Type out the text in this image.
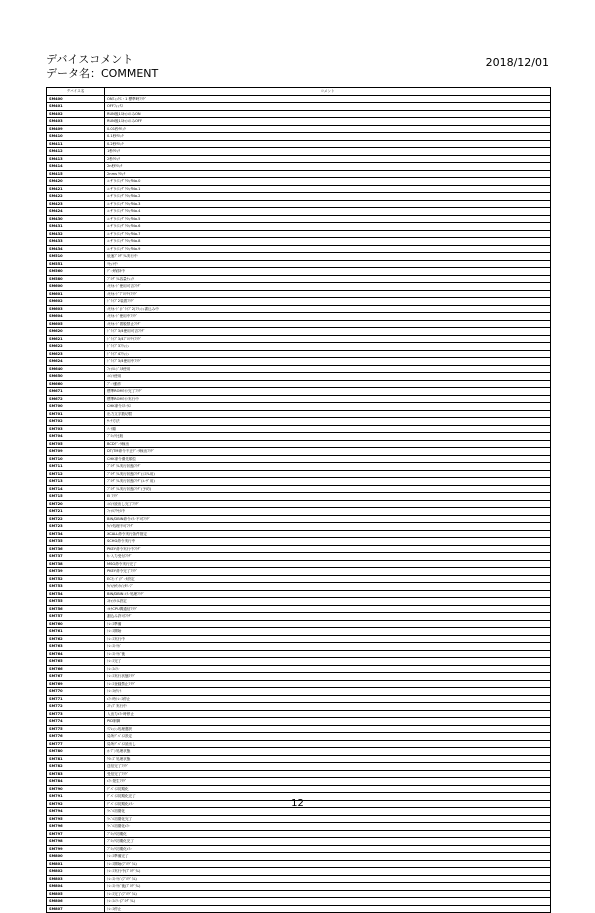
デバイスコメント
データ名：COMMENT
2018/12/01
デバイス名	コメント
SM400	ONﾌｨｯｸｽ・1 標準時ﾌﾗｸﾞ
SM401	OFFﾌｨｯｸｽ
SM402	RUN後1ｽｷｬﾝのみON
SM403	RUN後1ｽｷｬﾝのみOFF
SM409	0.01秒ｸﾛｯｸ
SM410	0.1秒ｸﾛｯｸ
SM411	0.2秒ｸﾛｯｸ
SM412	1秒ｸﾛｯｸ
SM413	2秒ｸﾛｯｸ
SM414	2n秒ｸﾛｯｸ
SM415	2nms ｸﾛｯｸ
SM420	ﾕｰｻﾞﾀｲﾐﾝｸﾞｸﾛｯｸNo.0
SM421	ﾕｰｻﾞﾀｲﾐﾝｸﾞｸﾛｯｸNo.1
SM422	ﾕｰｻﾞﾀｲﾐﾝｸﾞｸﾛｯｸNo.2
SM423	ﾕｰｻﾞﾀｲﾐﾝｸﾞｸﾛｯｸNo.3
SM424	ﾕｰｻﾞﾀｲﾐﾝｸﾞｸﾛｯｸNo.4
SM430	ﾕｰｻﾞﾀｲﾐﾝｸﾞｸﾛｯｸNo.5
SM431	ﾕｰｻﾞﾀｲﾐﾝｸﾞｸﾛｯｸNo.6
SM432	ﾕｰｻﾞﾀｲﾐﾝｸﾞｸﾛｯｸNo.7
SM433	ﾕｰｻﾞﾀｲﾐﾝｸﾞｸﾛｯｸNo.8
SM434	ﾕｰｻﾞﾀｲﾐﾝｸﾞｸﾛｯｸNo.9
SM510	低速ﾌﾟﾛｸﾞﾗﾑ実行中
SM551	ﾘｾｯﾄ中
SM560	ﾃﾞｰﾀ保持中
SM580	ﾌﾟﾛｸﾞﾗﾑ容量ﾁｪｯｸ
SM600	ﾒﾓﾘｶｰﾄﾞ使用可否ﾌﾗｸﾞ
SM601	ﾒﾓﾘｶｰﾄﾞﾌﾟﾛﾃｸﾄﾌﾗｸﾞ
SM602	ﾄﾞﾗｲﾌﾞ2装着ﾌﾗｸﾞ
SM603	ﾒﾓﾘｶｰﾄﾞ(ﾄﾞﾗｲﾌﾞ2)ﾌﾗｯｼｭ書込み中
SM604	ﾒﾓﾘｶｰﾄﾞ使用中ﾌﾗｸﾞ
SM605	ﾒﾓﾘｶｰﾄﾞ着脱禁止ﾌﾗｸﾞ
SM620	ﾄﾞﾗｲﾌﾞ3/4使用可否ﾌﾗｸﾞ
SM621	ﾄﾞﾗｲﾌﾞ3/4ﾌﾟﾛﾃｸﾄﾌﾗｸﾞ
SM622	ﾄﾞﾗｲﾌﾞ3ﾌﾗｯｼｭ
SM623	ﾄﾞﾗｲﾌﾞ4ﾌﾗｯｼｭ
SM624	ﾄﾞﾗｲﾌﾞ3/4使用中ﾌﾗｸﾞ
SM640	ﾌｧｲﾙﾚｼﾞｽﾀ使用
SM650	ｺﾒﾝﾄ使用
SM660	ﾌﾞｰﾄ動作
SM671	標準ROMﾗｲﾄ完了ﾌﾗｸﾞ
SM672	標準ROMﾗｲﾄ実行中
SM700	CHK命令ｽﾃｰﾀｽ
SM701	出力文字数切替
SM702	ｻｰﾁ方法
SM703	ｿｰﾄ順
SM704	ﾌﾞﾛｯｸ比較
SM705	BCDﾃﾞｰﾀ検出
SM709	DT/TM命令不正ﾃﾞｰﾀ検出ﾌﾗｸﾞ
SM710	CHK命令優先順位
SM711	ﾌﾟﾛｸﾞﾗﾑ実行状態ﾌﾗｸﾞ
SM712	ﾌﾟﾛｸﾞﾗﾑ実行状態ﾌﾗｸﾞ(ｼｽﾃﾑ用)
SM713	ﾌﾟﾛｸﾞﾗﾑ実行状態ﾌﾗｸﾞ(ﾕｰｻﾞ用)
SM714	ﾌﾟﾛｸﾞﾗﾑ実行状態ﾌﾗｸﾞ(予約)
SM715	EI ﾌﾗｸﾞ
SM720	ｺﾒﾝﾄ読出し完了ﾌﾗｸﾞ
SM721	ﾌｧｲﾙｱｸｾｽ中
SM722	BIN/DBIN命令ｴﾗｰ不可ﾌﾗｸﾞ
SM723	ﾀｲﾏ処理不可ﾌﾗｸﾞ
SM734	XCALL命令実行条件指定
SM735	SCHG命令実行中
SM736	PKEY命令実行中ﾌﾗｸﾞ
SM737	ｷｰ入力受付ﾌﾗｸﾞ
SM738	MSG命令実行完了
SM739	PKEY命令完了ﾌﾗｸﾞ
SM752	ECﾓｰﾄﾞ/ﾃﾞｰﾀ設定
SM753	ﾀｲﾏ/ｶｳﾝﾀｲﾝﾀﾘｰﾌﾞ
SM754	BIN/DBIN ｴﾗｰ処理ﾌﾗｸﾞ
SM755	ｽｷｬﾝﾀｲﾑ設定
SM756	ﾏﾙﾁCPU間通信ﾌﾗｸﾞ
SM757	割込み許可ﾌﾗｸﾞ
SM760	ﾄﾚｰｽ準備
SM761	ﾄﾚｰｽ開始
SM762	ﾄﾚｰｽ実行中
SM763	ﾄﾚｰｽﾄﾘｶﾞ
SM764	ﾄﾚｰｽﾄﾘｶﾞ後
SM765	ﾄﾚｰｽ完了
SM766	ﾄﾚｰｽｴﾗｰ
SM767	ﾄﾚｰｽ実行状態ﾌﾗｸﾞ
SM769	ﾄﾚｰｽ登録禁止ﾌﾗｸﾞ
SM770	ﾄﾚｰｽｶｳﾝﾄ
SM771	ｴﾗｰ時ﾄﾚｰｽ停止
SM772	ｽﾃｯﾌﾟ実行中
SM773	入出力ｴﾗｰ時停止
SM774	PID制御
SM775	ﾘﾌﾚｯｼｭ処理選択
SM776	局所ﾃﾞﾊﾞｲｽ設定
SM777	局所ﾃﾞﾊﾞｲｽ読出し
SM780	ｵｰﾌﾟﾝ処理状態
SM781	ｸﾛｰｽﾞ処理状態
SM782	送信完了ﾌﾗｸﾞ
SM783	受信完了ﾌﾗｸﾞ
SM784	ｴﾗｰ発生ﾌﾗｸﾞ
SM790	ﾃﾞﾊﾞｲｽ初期化
SM791	ﾃﾞﾊﾞｲｽ初期化完了
SM792	ﾃﾞﾊﾞｲｽ初期化ｴﾗｰ
SM794	ﾗﾍﾞﾙ初期化
SM795	ﾗﾍﾞﾙ初期化完了
SM796	ﾗﾍﾞﾙ初期化ｴﾗｰ
SM797	ﾌﾞﾛｯｸ初期化
SM798	ﾌﾞﾛｯｸ初期化完了
SM799	ﾌﾞﾛｯｸ初期化ｴﾗｰ
SM800	ﾄﾚｰｽ準備完了
SM801	ﾄﾚｰｽ開始(ﾌﾟﾛｸﾞﾗﾑ)
SM802	ﾄﾚｰｽ実行中(ﾌﾟﾛｸﾞﾗﾑ)
SM803	ﾄﾚｰｽﾄﾘｶﾞ(ﾌﾟﾛｸﾞﾗﾑ)
SM804	ﾄﾚｰｽﾄﾘｶﾞ後(ﾌﾟﾛｸﾞﾗﾑ)
SM805	ﾄﾚｰｽ完了(ﾌﾟﾛｸﾞﾗﾑ)
SM806	ﾄﾚｰｽｴﾗｰ(ﾌﾟﾛｸﾞﾗﾑ)
SM807	ﾄﾚｰｽ停止
12
